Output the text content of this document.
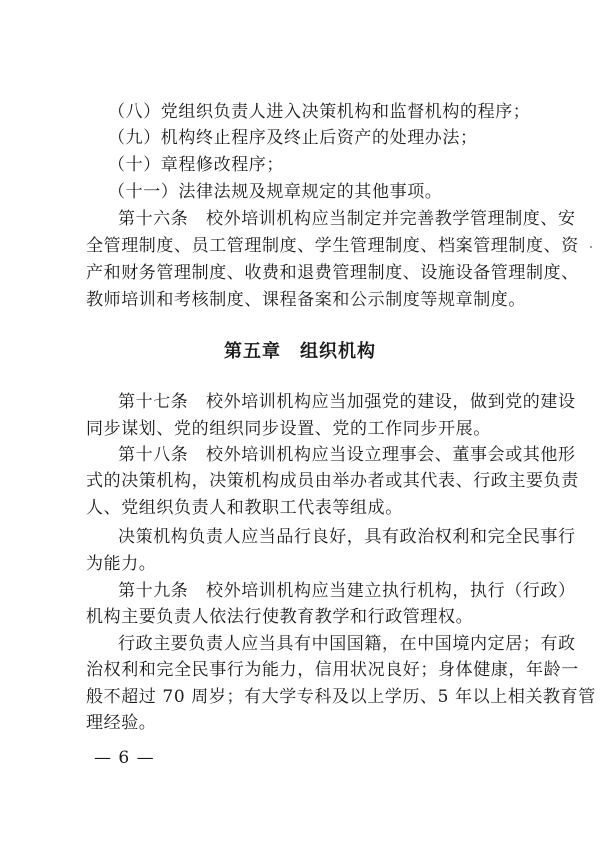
（八）党组织负责人进入决策机构和监督机构的程序；
（九）机构终止程序及终止后资产的处理办法；
（十）章程修改程序；
（十一）法律法规及规章规定的其他事项。
第十六条　校外培训机构应当制定并完善教学管理制度、安
全管理制度、员工管理制度、学生管理制度、档案管理制度、资
产和财务管理制度、收费和退费管理制度、设施设备管理制度、
教师培训和考核制度、课程备案和公示制度等规章制度。
第五章　组织机构
第十七条　校外培训机构应当加强党的建设，做到党的建设
同步谋划、党的组织同步设置、党的工作同步开展。
第十八条　校外培训机构应当设立理事会、董事会或其他形
式的决策机构，决策机构成员由举办者或其代表、行政主要负责
人、党组织负责人和教职工代表等组成。
决策机构负责人应当品行良好，具有政治权利和完全民事行
为能力。
第十九条　校外培训机构应当建立执行机构，执行（行政）
机构主要负责人依法行使教育教学和行政管理权。
行政主要负责人应当具有中国国籍，在中国境内定居；有政
治权利和完全民事行为能力，信用状况良好；身体健康，年龄一
般不超过 70 周岁；有大学专科及以上学历、5 年以上相关教育管
理经验。
— 6 —
